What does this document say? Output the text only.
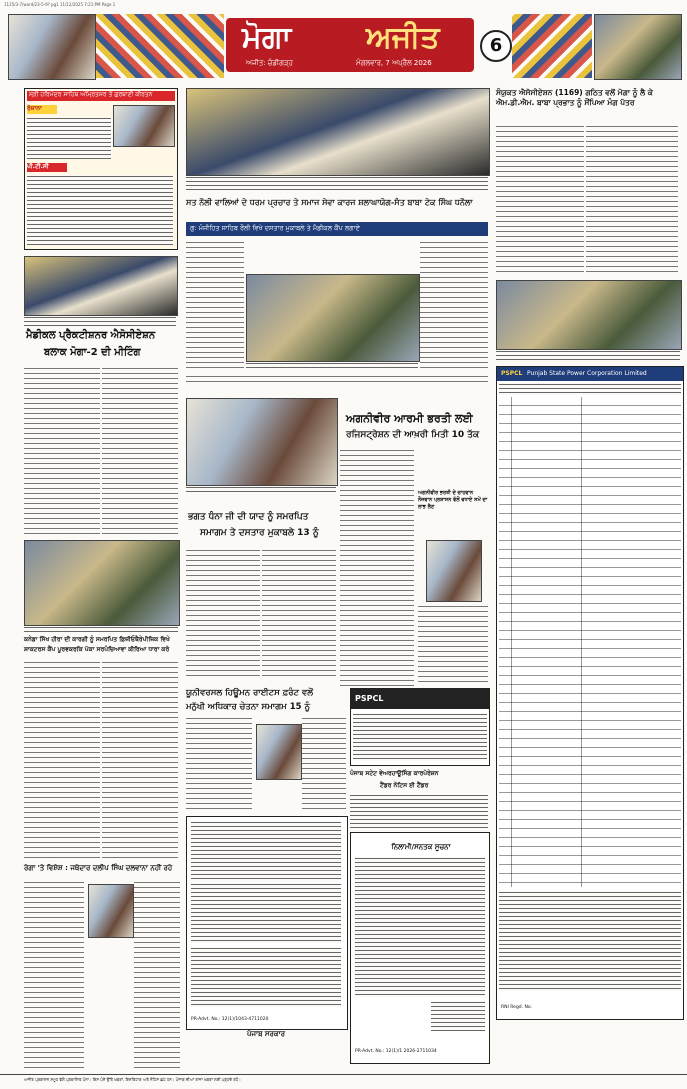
1125/3-7/ward/23-5-9? pg1 11/12/2025 7:21:PM Page 1
ਮੋਗਾ ਅਜੀਤ
ਅਜੀਤ: ਚੰਡੀਗੜ੍ਹ	ਮੰਗਲਵਾਰ, 7 ਅਪ੍ਰੈਲ 2026
6
ਸ੍ਰੀ ਹਰਿਮੰਦਰ ਸਾਹਿਬ ਅੰਮ੍ਰਿਤਸਰ ਤੋਂ ਗੁਰਬਾਣੀ ਕੀਰਤਨ
ਰੋਜ਼ਾਨਾ
ਪੀ.ਟੀ.ਸੀ
ਮੈਡੀਕਲ ਪ੍ਰੈਕਟੀਸ਼ਨਰ ਐਸੋਸੀਏਸ਼ਨ
ਬਲਾਕ ਮੋਗਾ-2 ਦੀ ਮੀਟਿੰਗ
ਕਨੇਡਾ ਸਿੱਖ ਹੀਰਾ ਦੀ ਕਾਰਗੀ ਨੂੰ ਸਮਰਪਿਤ ਫ਼ਿਜ਼ੀਓਥੈਰੇਪੀਜ਼ਿਕ ਵਿਖੇ
ਸ਼ਾਕਟਰਸ ਕੈਂਪ ਪੂਰਵਕਰਕਿ ਪੱਕਾ ਸਰਪੰਚਿਆਵਾ ਕੀਰਿਆ ਧਾਰਾ ਕਰੋ
ਰੇਗਾ 'ਤੇ ਵਿਸ਼ੇਸ਼ : ਜਥੇਦਾਰ ਦਲੀਪ ਸਿੰਘ ਦਲਵਾਨਾ ਨਹੀਂ ਰਹੇ
ਸਤ ਨੌਲੀ ਵਾਲਿਆਂ ਦੇ ਧਰਮ ਪ੍ਰਚਾਰ ਤੇ ਸਮਾਜ ਸੇਵਾ ਕਾਰਜ ਸ਼ਲਾਘਾਯੋਗ-ਸੰਤ ਬਾਬਾ ਟੇਕ ਸਿੰਘ ਧਨੌਲਾ
ਗੁ: ਮੰਜੀਹਿਤ ਸਾਹਿਬ ਰੌਲੀ ਵਿਖੇ ਦਸਤਾਰ ਮੁਕਾਬਲੇ ਤੇ ਮੈਡੀਕਲ ਕੈਂਪ ਲਗਾਏ
ਭਗਤ ਧੰਨਾ ਜੀ ਦੀ ਯਾਦ ਨੂੰ ਸਮਰਪਿਤ
ਸਮਾਗਮ ਤੇ ਦਸਤਾਰ ਮੁਕਾਬਲੇ 13 ਨੂੰ
ਅਗਨੀਵੀਰ ਆਰਮੀ ਭਰਤੀ ਲਈ
ਰਜਿਸਟ੍ਰੇਸ਼ਨ ਦੀ ਆਖ਼ਰੀ ਮਿਤੀ 10 ਤੱਕ
ਅਗਨੀਵੀਰ ਭਰਤੀ ਦੇ ਚਾਹਵਾਨ ਨੌਜਵਾਨ ਪ੍ਰਸ਼ਾਸਨ ਵੱਲੋਂ ਵਧਾਏ ਸਮੇਂ ਦਾ ਲਾਭ ਲੈਣ
ਯੂਨੀਵਰਸਲ ਹਿਊਮਨ ਰਾਈਟਸ ਫ਼ਰੰਟ ਵਲੋਂ
ਮਨੁੱਖੀ ਅਧਿਕਾਰ ਚੇਤਨਾ ਸਮਾਗਮ 15 ਨੂੰ
PSPCL
ਪੰਜਾਬ ਸਟੇਟ ਵੇਅਰਹਾਊਸਿੰਗ ਕਾਰਪੋਰੇਸ਼ਨ
ਟੈਂਡਰ ਨੋਟਿਸ ਈ ਟੈਂਡਰ
PR-Advt. No.: 12(1)/1043-4711020
ਪੰਜਾਬ ਸਰਕਾਰ
ਨਿਲਾਮੀ/ਸਨਤਕ ਸੂਚਨਾ
PR-Advt. No.: 12(1)/1 2026-2711034
ਸੰਯੁਕਤ ਐਸੋਸੀਏਸ਼ਨ (1169) ਗਠਿਤ ਵਲੋਂ ਮੋਗਾ ਨੂੰ ਲੈ ਕੇ ਐਮ.ਡੀ.ਐਮ. ਬਾਬਾ ਪ੍ਰਭਾਤ ਨੂੰ ਸੌਂਪਿਆ ਮੰਗ ਪੱਤਰ
PSPCL Punjab State Power Corporation Limited
RNI Regd. No.
ਅਜੀਤ ਪ੍ਰਕਾਸ਼ਨ ਸਮੂਹ ਵੱਲੋਂ ਪ੍ਰਕਾਸ਼ਿਤ ਪੰਨਾ। ਇਸ ਪੰਨੇ ਉੱਤੇ ਖ਼ਬਰਾਂ, ਇਸ਼ਤਿਹਾਰ ਅਤੇ ਨੋਟਿਸ ਛਪੇ ਹਨ। ਪੰਜਾਬ ਦੀਆਂ ਤਾਜ਼ਾ ਖ਼ਬਰਾਂ ਲਈ ਪੜ੍ਹਦੇ ਰਹੋ।
